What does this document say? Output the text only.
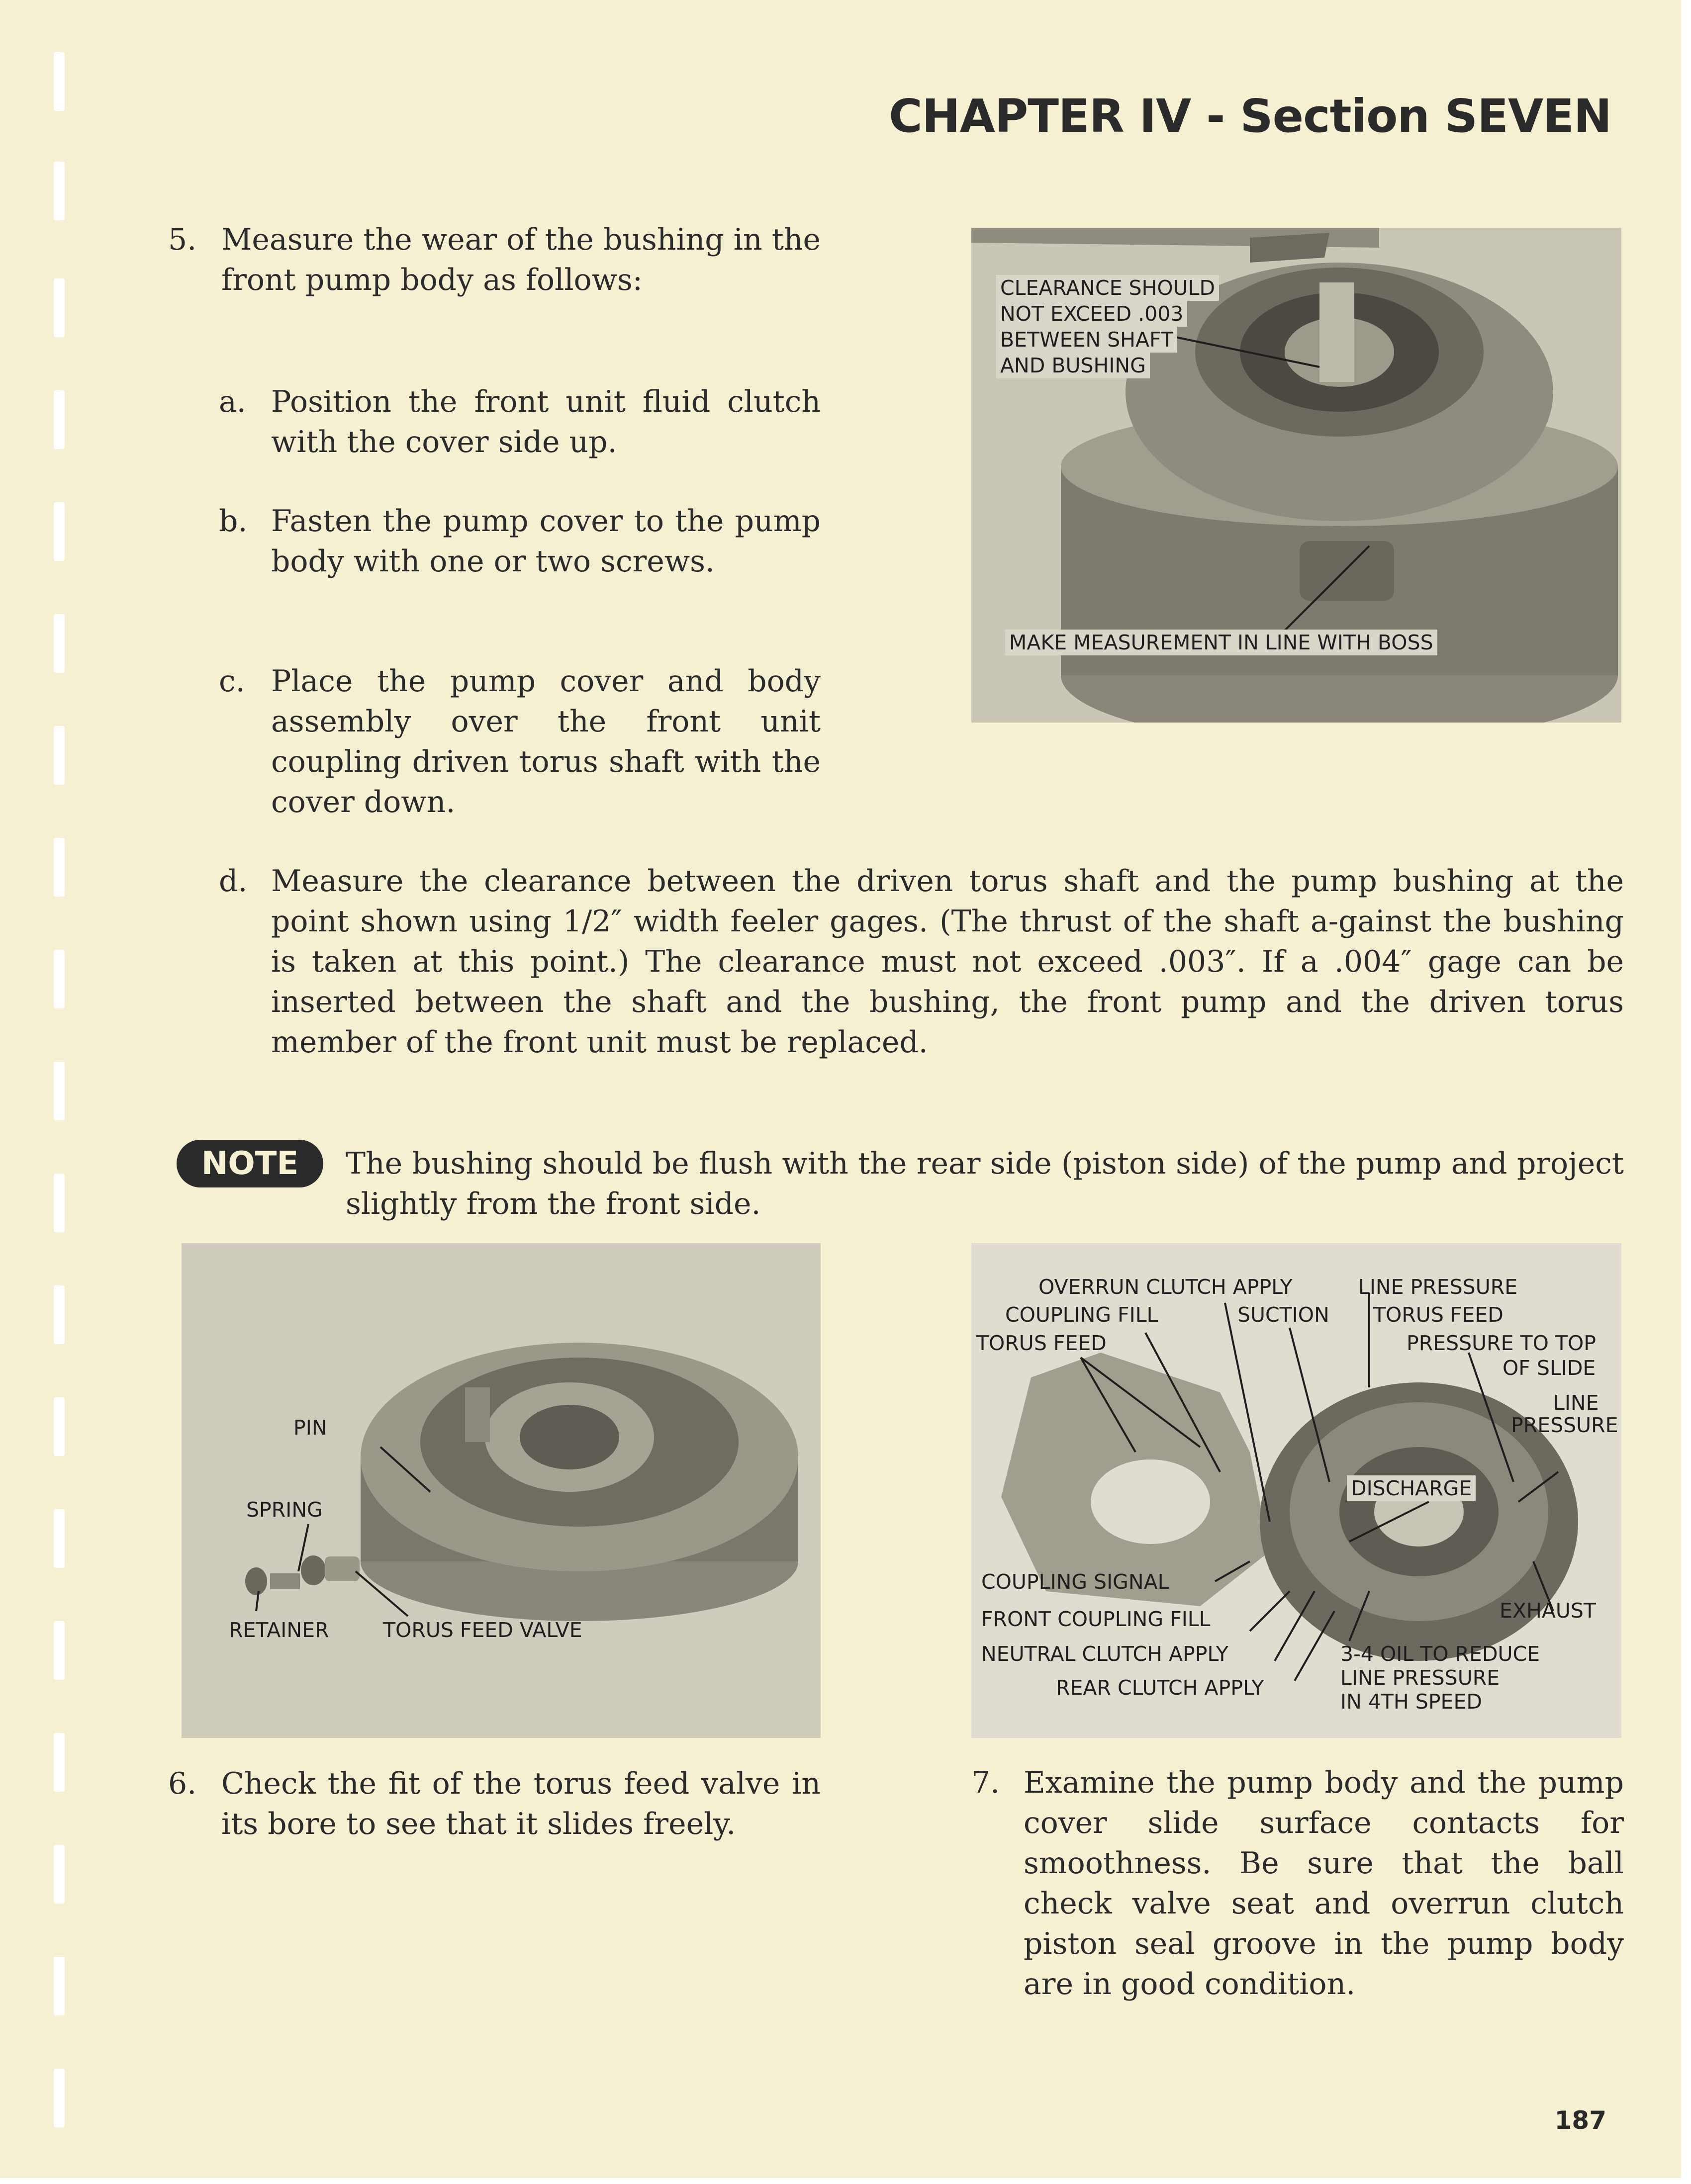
CHAPTER IV - Section SEVEN
5. Measure the wear of the bushing in the front pump body as follows:
a. Position the front unit fluid clutch with the cover side up.
b. Fasten the pump cover to the pump body with one or two screws.
c. Place the pump cover and body assembly over the front unit coupling driven torus shaft with the cover down.
d. Measure the clearance between the driven torus shaft and the pump bushing at the point shown using 1/2″ width feeler gages. (The thrust of the shaft a-gainst the bushing is taken at this point.) The clearance must not exceed .003″. If a .004″ gage can be inserted between the shaft and the bushing, the front pump and the driven torus member of the front unit must be replaced.
CLEARANCE SHOULD
NOT EXCEED .003
BETWEEN SHAFT
AND BUSHING
MAKE MEASUREMENT IN LINE WITH BOSS
NOTE	The bushing should be flush with the rear side (piston side) of the pump and project slightly from the front side.
PIN
SPRING
RETAINER	TORUS FEED VALVE
OVERRUN CLUTCH APPLY
COUPLING FILL	SUCTION
TORUS FEED
LINE PRESSURE
TORUS FEED
PRESSURE TO TOP
OF SLIDE
LINE
PRESSURE
DISCHARGE
COUPLING SIGNAL
FRONT COUPLING FILL	EXHAUST
NEUTRAL CLUTCH APPLY
REAR CLUTCH APPLY
3-4 OIL TO REDUCE
LINE PRESSURE
IN 4TH SPEED
6. Check the fit of the torus feed valve in its bore to see that it slides freely.
7. Examine the pump body and the pump cover slide surface contacts for smoothness. Be sure that the ball check valve seat and overrun clutch piston seal groove in the pump body are in good condition.
187
